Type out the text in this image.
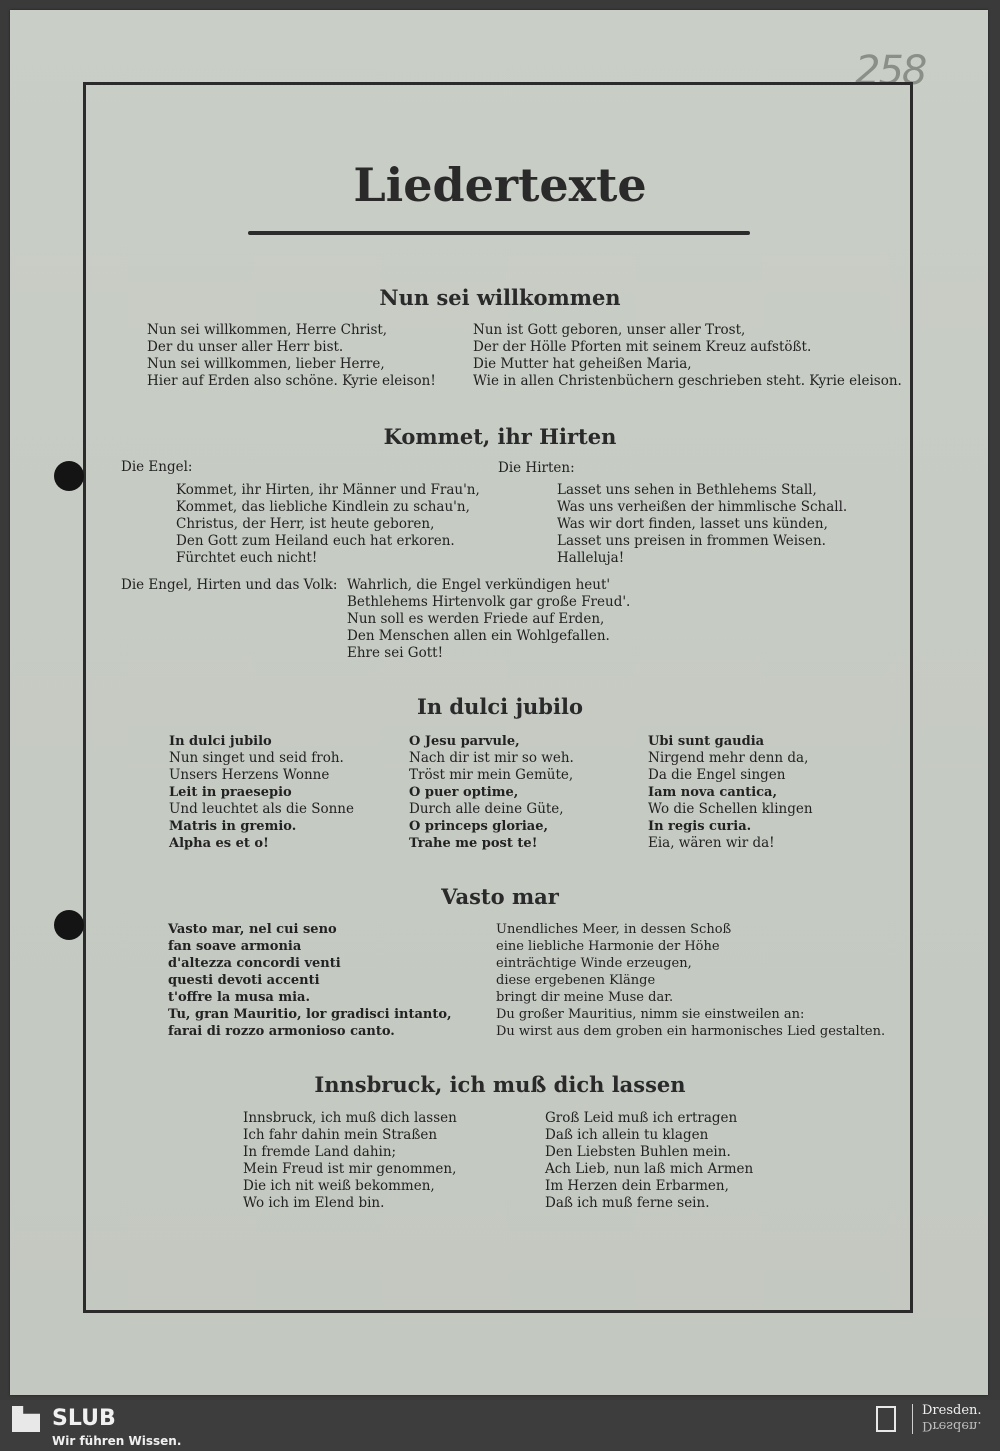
258
Liedertexte
Nun sei willkommen
Nun sei willkommen, Herre Christ,
Der du unser aller Herr bist.
Nun sei willkommen, lieber Herre,
Hier auf Erden also schöne. Kyrie eleison!
Nun ist Gott geboren, unser aller Trost,
Der der Hölle Pforten mit seinem Kreuz aufstößt.
Die Mutter hat geheißen Maria,
Wie in allen Christenbüchern geschrieben steht. Kyrie eleison.
Kommet, ihr Hirten
Die Engel:
Kommet, ihr Hirten, ihr Männer und Frau'n,
Kommet, das liebliche Kindlein zu schau'n,
Christus, der Herr, ist heute geboren,
Den Gott zum Heiland euch hat erkoren.
Fürchtet euch nicht!
Die Hirten:
Lasset uns sehen in Bethlehems Stall,
Was uns verheißen der himmlische Schall.
Was wir dort finden, lasset uns künden,
Lasset uns preisen in frommen Weisen.
Halleluja!
Die Engel, Hirten und das Volk: Wahrlich, die Engel verkündigen heut'
Bethlehems Hirtenvolk gar große Freud'.
Nun soll es werden Friede auf Erden,
Den Menschen allen ein Wohlgefallen.
Ehre sei Gott!
In dulci jubilo
In dulci jubilo
Nun singet und seid froh.
Unsers Herzens Wonne
Leit in praesepio
Und leuchtet als die Sonne
Matris in gremio.
Alpha es et o!
O Jesu parvule,
Nach dir ist mir so weh.
Tröst mir mein Gemüte,
O puer optime,
Durch alle deine Güte,
O princeps gloriae,
Trahe me post te!
Ubi sunt gaudia
Nirgend mehr denn da,
Da die Engel singen
Iam nova cantica,
Wo die Schellen klingen
In regis curia.
Eia, wären wir da!
Vasto mar
Vasto mar, nel cui seno
fan soave armonia
d'altezza concordi venti
questi devoti accenti
t'offre la musa mia.
Tu, gran Mauritio, lor gradisci intanto,
farai di rozzo armonioso canto.
Unendliches Meer, in dessen Schoß
eine liebliche Harmonie der Höhe
einträchtige Winde erzeugen,
diese ergebenen Klänge
bringt dir meine Muse dar.
Du großer Mauritius, nimm sie einstweilen an:
Du wirst aus dem groben ein harmonisches Lied gestalten.
Innsbruck, ich muß dich lassen
Innsbruck, ich muß dich lassen
Ich fahr dahin mein Straßen
In fremde Land dahin;
Mein Freud ist mir genommen,
Die ich nit weiß bekommen,
Wo ich im Elend bin.
Groß Leid muß ich ertragen
Daß ich allein tu klagen
Den Liebsten Buhlen mein.
Ach Lieb, nun laß mich Armen
Im Herzen dein Erbarmen,
Daß ich muß ferne sein.
SLUB
Wir führen Wissen.
Dresden.
Dresden.
